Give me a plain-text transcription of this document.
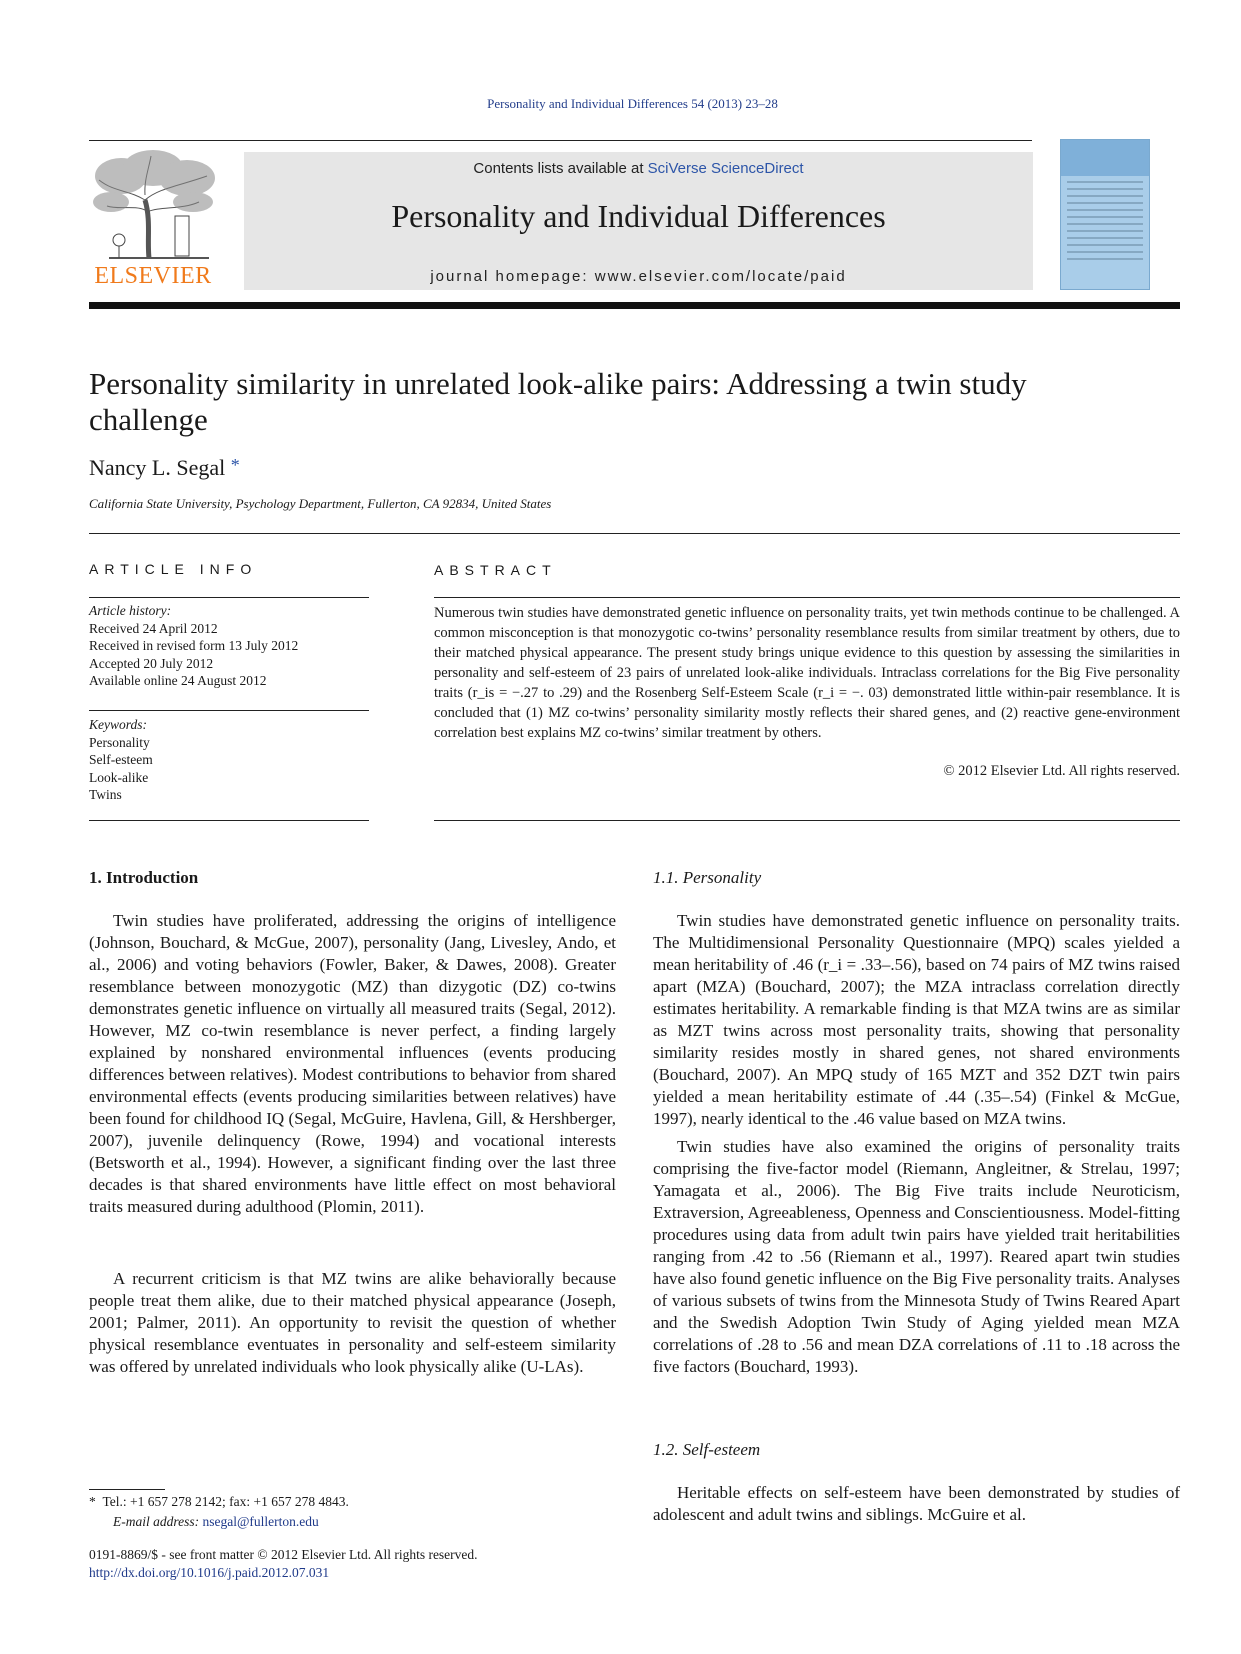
Personality and Individual Differences 54 (2013) 23–28
ELSEVIER
Contents lists available at SciVerse ScienceDirect
Personality and Individual Differences
journal homepage: www.elsevier.com/locate/paid
Personality similarity in unrelated look-alike pairs: Addressing a twin study challenge
Nancy L. Segal *
California State University, Psychology Department, Fullerton, CA 92834, United States
ARTICLE INFO	ABSTRACT
Article history:
Received 24 April 2012
Received in revised form 13 July 2012
Accepted 20 July 2012
Available online 24 August 2012
Keywords:
Personality
Self-esteem
Look-alike
Twins

Numerous twin studies have demonstrated genetic influence on personality traits, yet twin methods continue to be challenged. A common misconception is that monozygotic co-twins’ personality resemblance results from similar treatment by others, due to their matched physical appearance. The present study brings unique evidence to this question by assessing the similarities in personality and self-esteem of 23 pairs of unrelated look-alike individuals. Intraclass correlations for the Big Five personality traits (r_is = −.27 to .29) and the Rosenberg Self-Esteem Scale (r_i = −. 03) demonstrated little within-pair resemblance. It is concluded that (1) MZ co-twins’ personality similarity mostly reflects their shared genes, and (2) reactive gene-environment correlation best explains MZ co-twins’ similar treatment by others.

© 2012 Elsevier Ltd. All rights reserved.
1. Introduction

Twin studies have proliferated, addressing the origins of intelligence (Johnson, Bouchard, & McGue, 2007), personality (Jang, Livesley, Ando, et al., 2006) and voting behaviors (Fowler, Baker, & Dawes, 2008). Greater resemblance between monozygotic (MZ) than dizygotic (DZ) co-twins demonstrates genetic influence on virtually all measured traits (Segal, 2012). However, MZ co-twin resemblance is never perfect, a finding largely explained by nonshared environmental influences (events producing differences between relatives). Modest contributions to behavior from shared environmental effects (events producing similarities between relatives) have been found for childhood IQ (Segal, McGuire, Havlena, Gill, & Hershberger, 2007), juvenile delinquency (Rowe, 1994) and vocational interests (Betsworth et al., 1994). However, a significant finding over the last three decades is that shared environments have little effect on most behavioral traits measured during adulthood (Plomin, 2011).

A recurrent criticism is that MZ twins are alike behaviorally because people treat them alike, due to their matched physical appearance (Joseph, 2001; Palmer, 2011). An opportunity to revisit the question of whether physical resemblance eventuates in personality and self-esteem similarity was offered by unrelated individuals who look physically alike (U-LAs).

1.1. Personality

Twin studies have demonstrated genetic influence on personality traits. The Multidimensional Personality Questionnaire (MPQ) scales yielded a mean heritability of .46 (r_i = .33–.56), based on 74 pairs of MZ twins raised apart (MZA) (Bouchard, 2007); the MZA intraclass correlation directly estimates heritability. A remarkable finding is that MZA twins are as similar as MZT twins across most personality traits, showing that personality similarity resides mostly in shared genes, not shared environments (Bouchard, 2007). An MPQ study of 165 MZT and 352 DZT twin pairs yielded a mean heritability estimate of .44 (.35–.54) (Finkel & McGue, 1997), nearly identical to the .46 value based on MZA twins.

Twin studies have also examined the origins of personality traits comprising the five-factor model (Riemann, Angleitner, & Strelau, 1997; Yamagata et al., 2006). The Big Five traits include Neuroticism, Extraversion, Agreeableness, Openness and Conscientiousness. Model-fitting procedures using data from adult twin pairs have yielded trait heritabilities ranging from .42 to .56 (Riemann et al., 1997). Reared apart twin studies have also found genetic influence on the Big Five personality traits. Analyses of various subsets of twins from the Minnesota Study of Twins Reared Apart and the Swedish Adoption Twin Study of Aging yielded mean MZA correlations of .28 to .56 and mean DZA correlations of .11 to .18 across the five factors (Bouchard, 1993).

1.2. Self-esteem

Heritable effects on self-esteem have been demonstrated by studies of adolescent and adult twins and siblings. McGuire et al.

* Tel.: +1 657 278 2142; fax: +1 657 278 4843.
E-mail address: nsegal@fullerton.edu
0191-8869/$ - see front matter © 2012 Elsevier Ltd. All rights reserved.
http://dx.doi.org/10.1016/j.paid.2012.07.031
